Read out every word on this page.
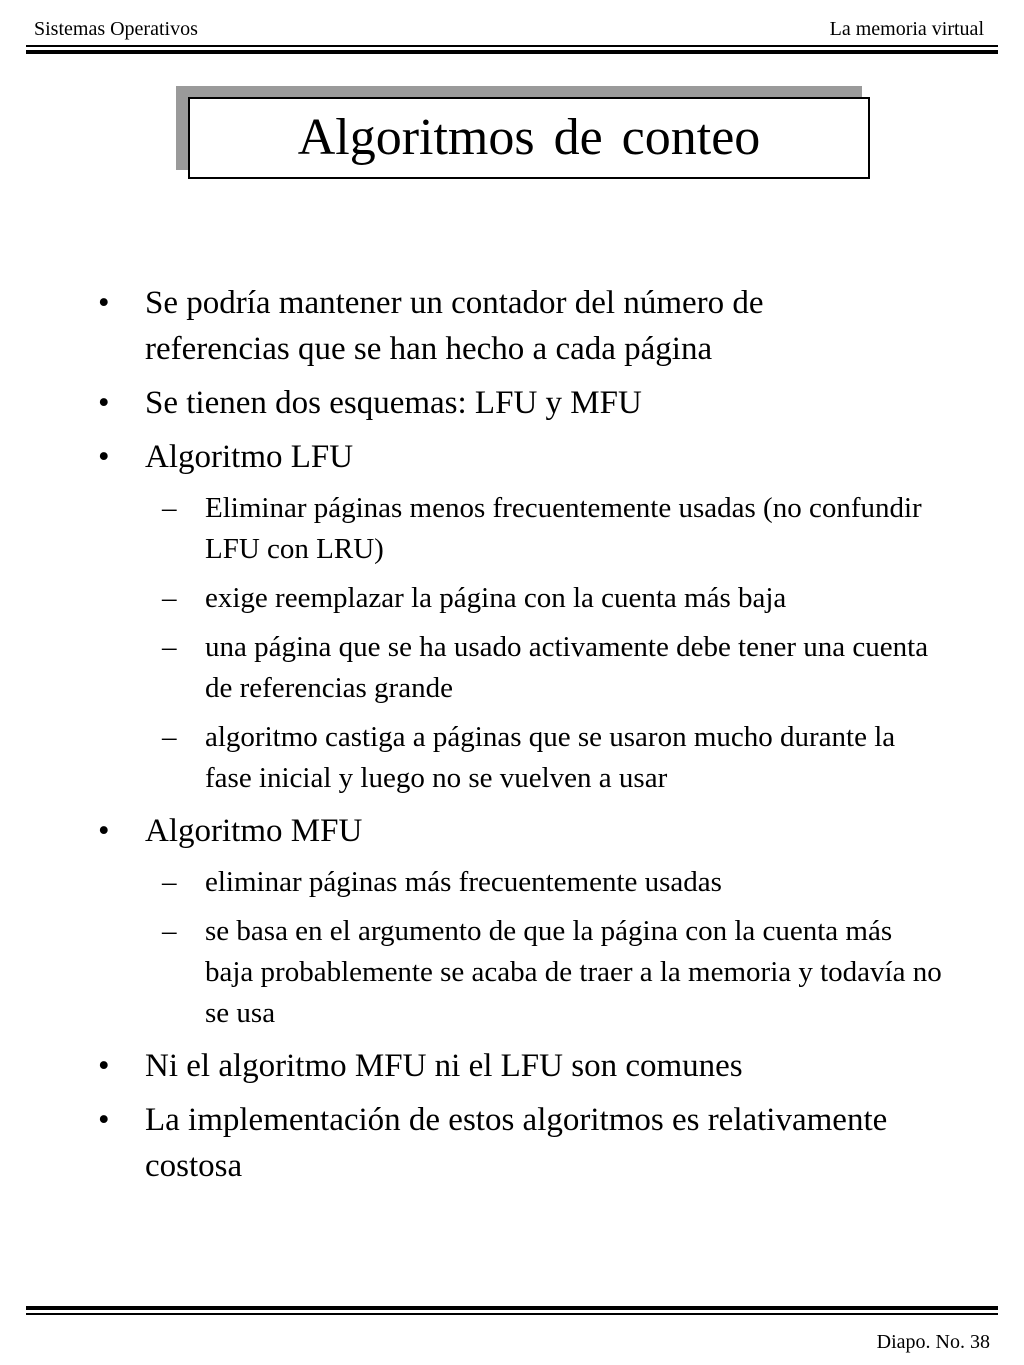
Sistemas Operativos	La memoria virtual
Algoritmos de conteo
•	Se podría mantener un contador del número de referencias que se han hecho a cada página
•	Se tienen dos esquemas: LFU y MFU
•	Algoritmo LFU
– Eliminar páginas menos frecuentemente usadas (no confundir LFU con LRU)
– exige reemplazar la página con la cuenta más baja
– una página que se ha usado activamente debe tener una cuenta de referencias grande
– algoritmo castiga a páginas que se usaron mucho durante la fase inicial y luego no se vuelven a usar
•	Algoritmo MFU
– eliminar páginas más frecuentemente usadas
– se basa en el argumento de que la página con la cuenta más baja probablemente se acaba de traer a la memoria y todavía no se usa
•	Ni el algoritmo MFU ni el LFU son comunes
•	La implementación de estos algoritmos es relativamente costosa
Diapo. No. 38
